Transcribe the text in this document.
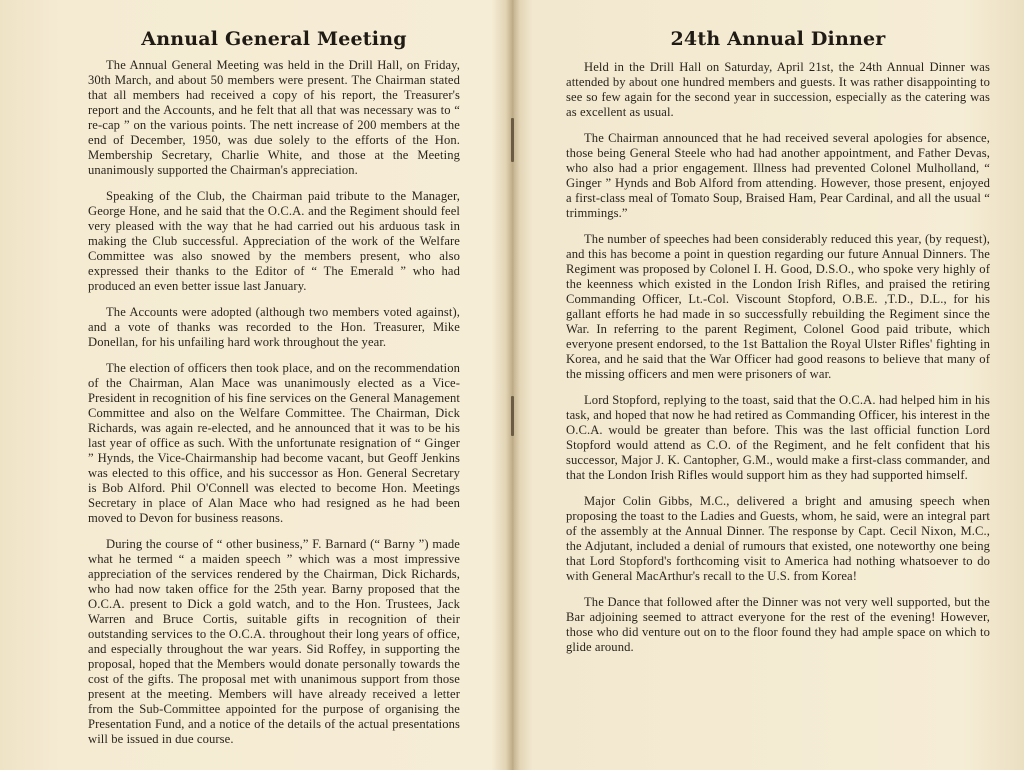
Annual General Meeting

The Annual General Meeting was held in the Drill Hall, on Friday, 30th March, and about 50 members were present. The Chairman stated that all members had received a copy of his report, the Treasurer's report and the Accounts, and he felt that all that was necessary was to “ re-cap ” on the various points. The nett increase of 200 members at the end of December, 1950, was due solely to the efforts of the Hon. Membership Secretary, Charlie White, and those at the Meeting unanimously supported the Chairman's appreciation.

Speaking of the Club, the Chairman paid tribute to the Manager, George Hone, and he said that the O.C.A. and the Regiment should feel very pleased with the way that he had carried out his arduous task in making the Club successful. Appreciation of the work of the Welfare Committee was also snowed by the members present, who also expressed their thanks to the Editor of “ The Emerald ” who had produced an even better issue last January.

The Accounts were adopted (although two members voted against), and a vote of thanks was recorded to the Hon. Treasurer, Mike Donellan, for his unfailing hard work throughout the year.

The election of officers then took place, and on the recommendation of the Chairman, Alan Mace was unanimously elected as a Vice-President in recognition of his fine services on the General Management Committee and also on the Welfare Committee. The Chairman, Dick Richards, was again re-elected, and he announced that it was to be his last year of office as such. With the unfortunate resignation of “ Ginger ” Hynds, the Vice-Chairmanship had become vacant, but Geoff Jenkins was elected to this office, and his successor as Hon. General Secretary is Bob Alford. Phil O'Connell was elected to become Hon. Meetings Secretary in place of Alan Mace who had resigned as he had been moved to Devon for business reasons.

During the course of “ other business,” F. Barnard (“ Barny ”) made what he termed “ a maiden speech ” which was a most impressive appreciation of the services rendered by the Chairman, Dick Richards, who had now taken office for the 25th year. Barny proposed that the O.C.A. present to Dick a gold watch, and to the Hon. Trustees, Jack Warren and Bruce Cortis, suitable gifts in recognition of their outstanding services to the O.C.A. throughout their long years of office, and especially throughout the war years. Sid Roffey, in supporting the proposal, hoped that the Members would donate personally towards the cost of the gifts. The proposal met with unanimous support from those present at the meeting. Members will have already received a letter from the Sub-Committee appointed for the purpose of organising the Presentation Fund, and a notice of the details of the actual presentations will be issued in due course.

24th Annual Dinner

Held in the Drill Hall on Saturday, April 21st, the 24th Annual Dinner was attended by about one hundred members and guests. It was rather disappointing to see so few again for the second year in succession, especially as the catering was as excellent as usual.

The Chairman announced that he had received several apologies for absence, those being General Steele who had had another appointment, and Father Devas, who also had a prior engagement. Illness had prevented Colonel Mulholland, “ Ginger ” Hynds and Bob Alford from attending. However, those present, enjoyed a first-class meal of Tomato Soup, Braised Ham, Pear Cardinal, and all the usual “ trimmings.”

The number of speeches had been considerably reduced this year, (by request), and this has become a point in question regarding our future Annual Dinners. The Regiment was proposed by Colonel I. H. Good, D.S.O., who spoke very highly of the keenness which existed in the London Irish Rifles, and praised the retiring Commanding Officer, Lt.-Col. Viscount Stopford, O.B.E. ,T.D., D.L., for his gallant efforts he had made in so successfully rebuilding the Regiment since the War. In referring to the parent Regiment, Colonel Good paid tribute, which everyone present endorsed, to the 1st Battalion the Royal Ulster Rifles' fighting in Korea, and he said that the War Officer had good reasons to believe that many of the missing officers and men were prisoners of war.

Lord Stopford, replying to the toast, said that the O.C.A. had helped him in his task, and hoped that now he had retired as Commanding Officer, his interest in the O.C.A. would be greater than before. This was the last official function Lord Stopford would attend as C.O. of the Regiment, and he felt confident that his successor, Major J. K. Cantopher, G.M., would make a first-class commander, and that the London Irish Rifles would support him as they had supported himself.

Major Colin Gibbs, M.C., delivered a bright and amusing speech when proposing the toast to the Ladies and Guests, whom, he said, were an integral part of the assembly at the Annual Dinner. The response by Capt. Cecil Nixon, M.C., the Adjutant, included a denial of rumours that existed, one noteworthy one being that Lord Stopford's forthcoming visit to America had nothing whatsoever to do with General MacArthur's recall to the U.S. from Korea!

The Dance that followed after the Dinner was not very well supported, but the Bar adjoining seemed to attract everyone for the rest of the evening! However, those who did venture out on to the floor found they had ample space on which to glide around.
